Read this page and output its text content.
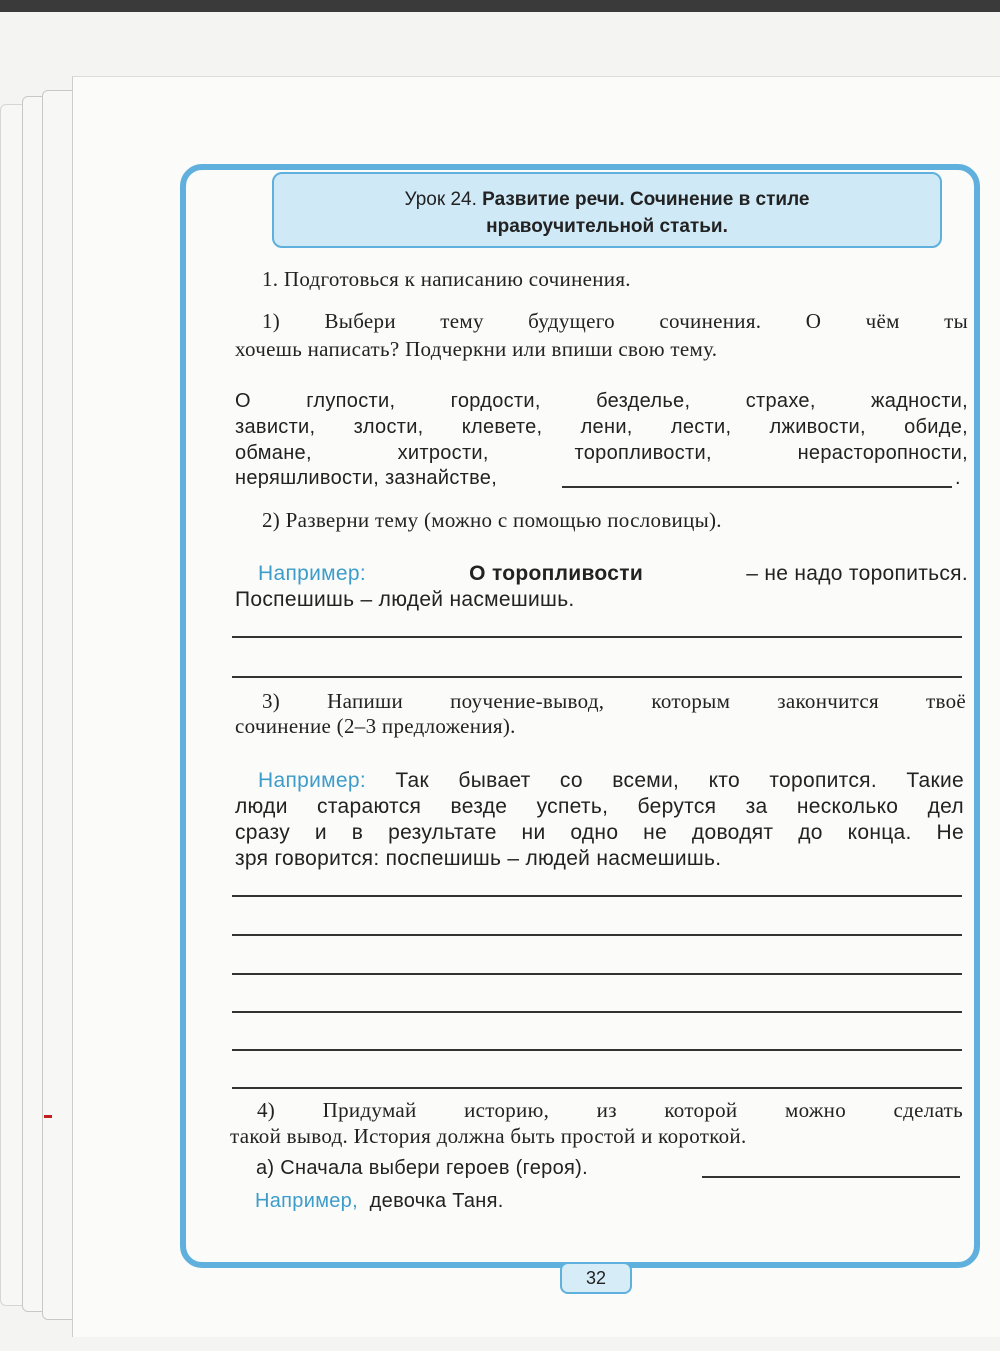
Урок 24. Развитие речи. Сочинение в стиле
нравоучительной статьи.
1. Подготовься к написанию сочинения.
1) Выбери тему будущего сочинения. О чём ты
хочешь написать? Подчеркни или впиши свою тему.
О глупости, гордости, безделье, страхе, жадности,
зависти, злости, клевете, лени, лести, лживости, обиде,
обмане, хитрости, торопливости, нерасторопности,
неряшливости, зазнайстве,	.
2) Разверни тему (можно с помощью пословицы).
Например:	О торопливости	– не надо торопиться.
Поспешишь – людей насмешишь.
3) Напиши поучение-вывод, которым закончится твоё
сочинение (2–3 предложения).
Например: Так бывает со всеми, кто торопится. Такие
люди стараются везде успеть, берутся за несколько дел
сразу и в результате ни одно не доводят до конца. Не
зря говорится: поспешишь – людей насмешишь.
4) Придумай историю, из которой можно сделать
такой вывод. История должна быть простой и короткой.
а) Сначала выбери героев (героя).
Например, девочка Таня.
32
